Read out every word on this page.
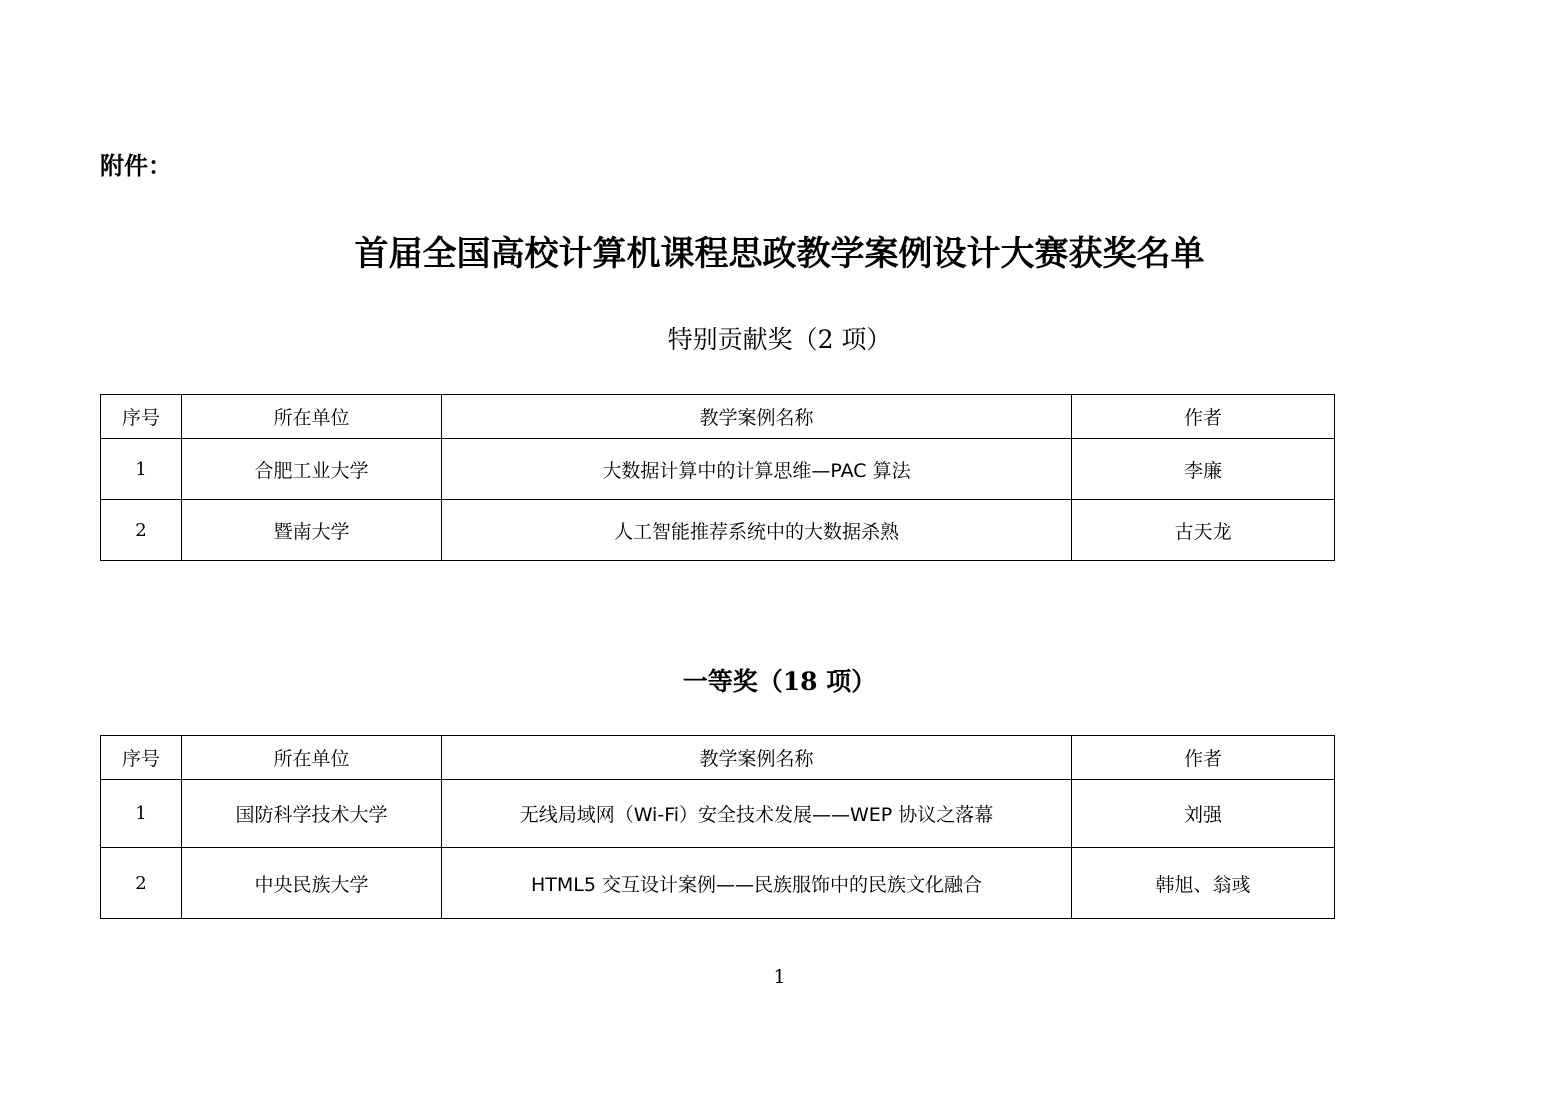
附件：
首届全国高校计算机课程思政教学案例设计大赛获奖名单
特别贡献奖（2 项）
序号	所在单位	教学案例名称	作者
1	合肥工业大学	大数据计算中的计算思维—PAC 算法	李廉
2	暨南大学	人工智能推荐系统中的大数据杀熟	古天龙
一等奖（18 项）
序号	所在单位	教学案例名称	作者
1	国防科学技术大学	无线局域网（Wi-Fi）安全技术发展——WEP 协议之落幕	刘强
2	中央民族大学	HTML5 交互设计案例——民族服饰中的民族文化融合	韩旭、翁彧
1
